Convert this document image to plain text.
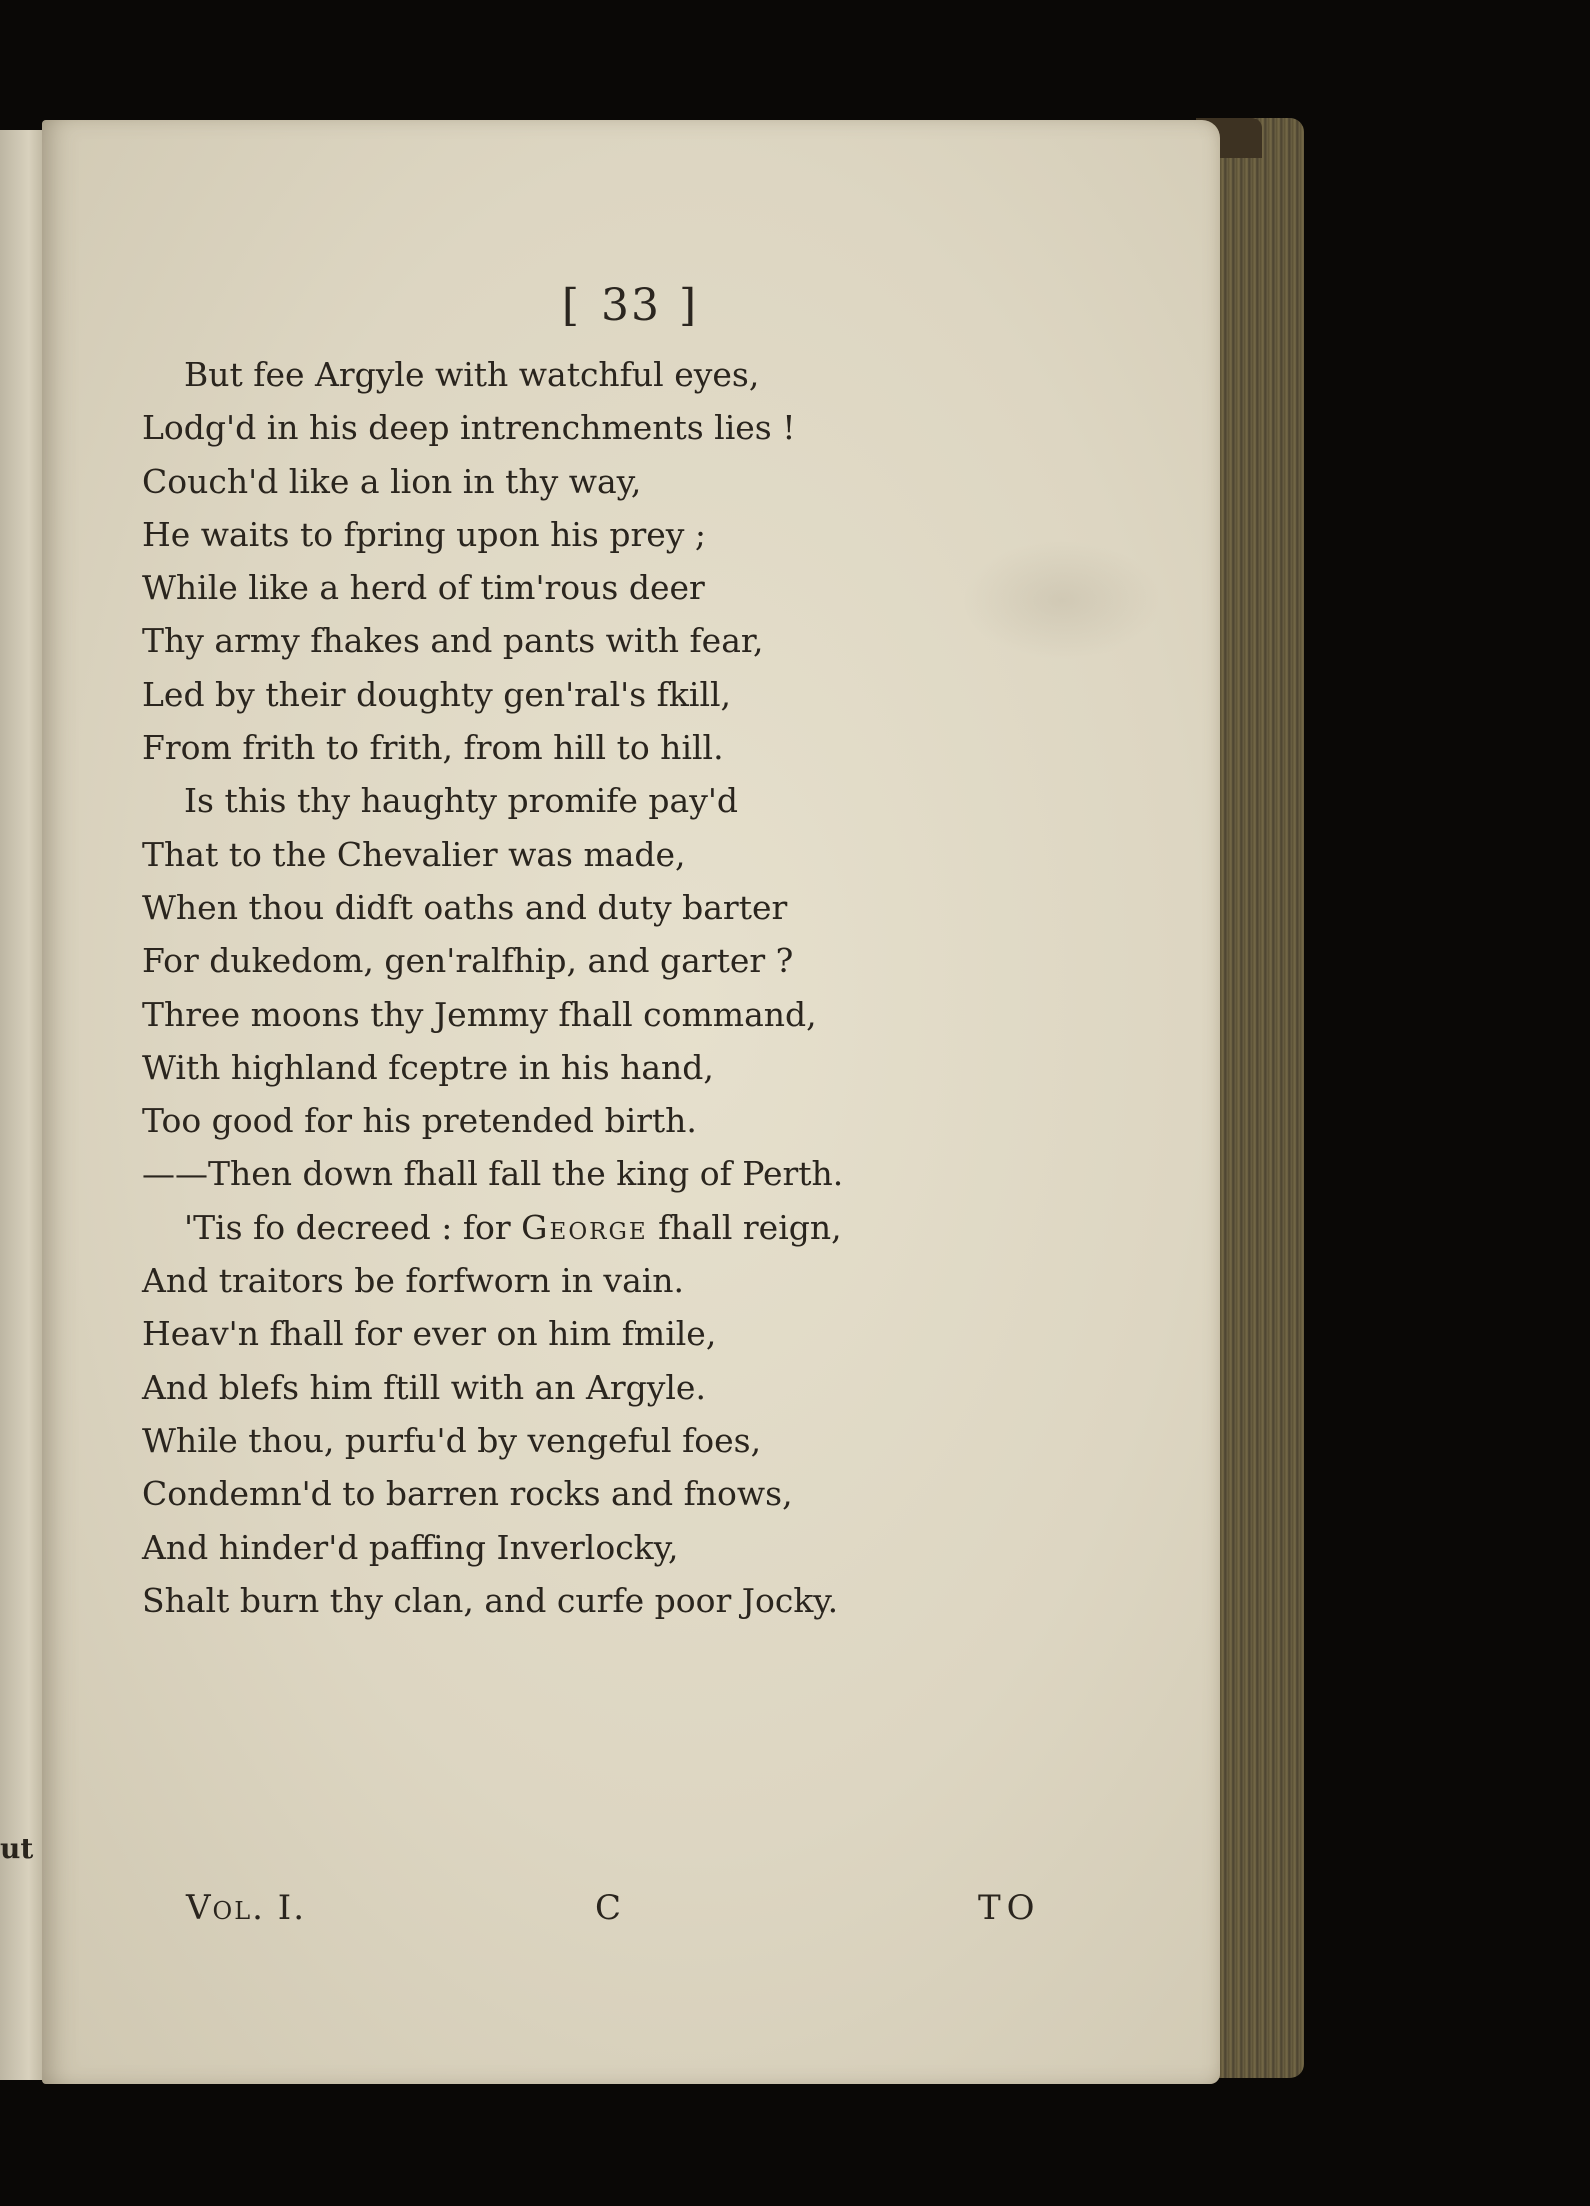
ut
[ 33 ]
But fee Argyle with watchful eyes,
Lodg'd in his deep intrenchments lies !
Couch'd like a lion in thy way,
He waits to fpring upon his prey ;
While like a herd of tim'rous deer
Thy army fhakes and pants with fear,
Led by their doughty gen'ral's fkill,
From frith to frith, from hill to hill.
Is this thy haughty promife pay'd
That to the Chevalier was made,
When thou didft oaths and duty barter
For dukedom, gen'ralfhip, and garter ?
Three moons thy Jemmy fhall command,
With highland fceptre in his hand,
Too good for his pretended birth.
——Then down fhall fall the king of Perth.
'Tis fo decreed : for George fhall reign,
And traitors be forfworn in vain.
Heav'n fhall for ever on him fmile,
And blefs him ftill with an Argyle.
While thou, purfu'd by vengeful foes,
Condemn'd to barren rocks and fnows,
And hinder'd paffing Inverlocky,
Shalt burn thy clan, and curfe poor Jocky.
Vol. I.	C	TO
